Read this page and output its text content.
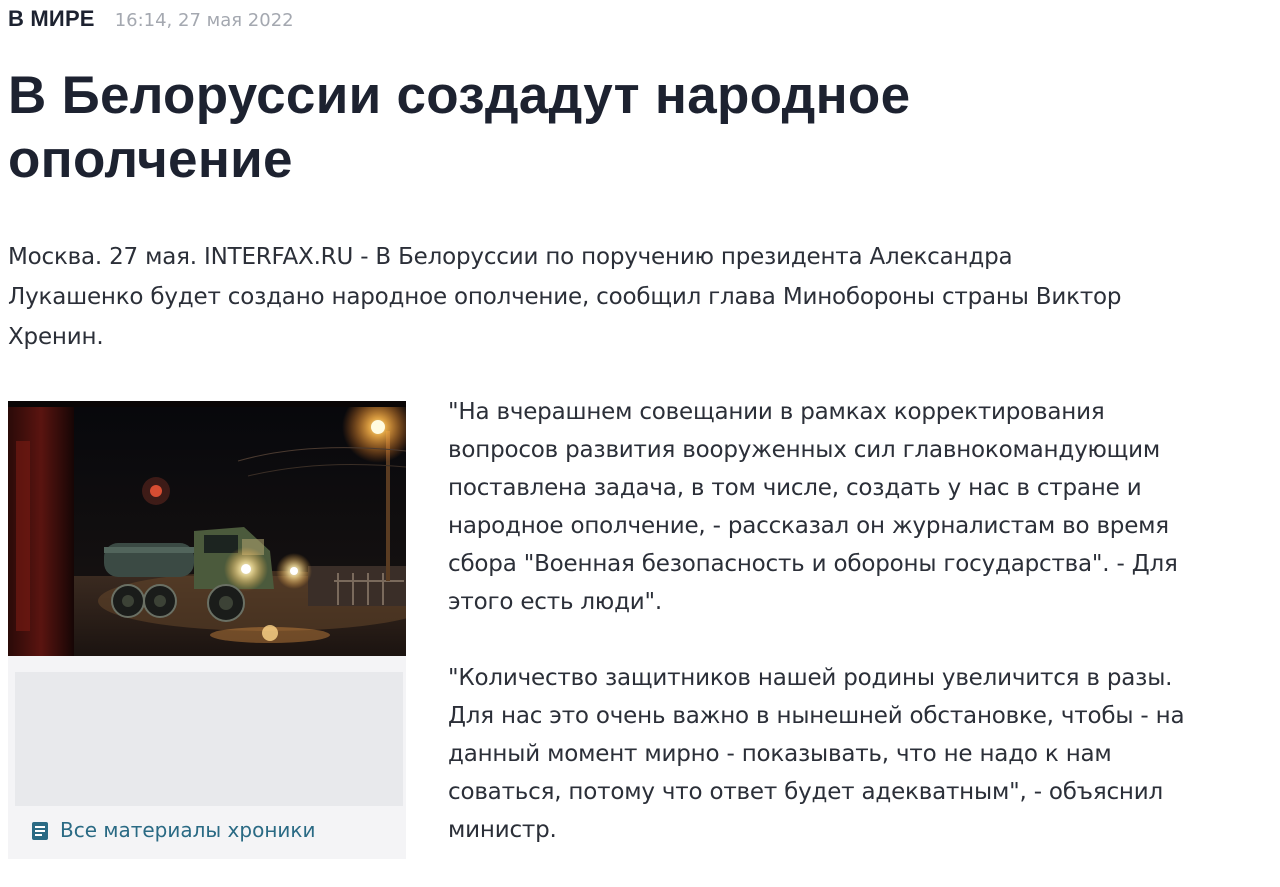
В МИРЕ 16:14, 27 мая 2022
В Белоруссии создадут народное
ополчение

Москва. 27 мая. INTERFAX.RU - В Белоруссии по поручению президента Александра
Лукашенко будет создано народное ополчение, сообщил глава Минобороны страны Виктор
Хренин.

Все материалы хроники

"На вчерашнем совещании в рамках корректирования
вопросов развития вооруженных сил главнокомандующим
поставлена задача, в том числе, создать у нас в стране и
народное ополчение, - рассказал он журналистам во время
сбора "Военная безопасность и обороны государства". - Для
этого есть люди".

"Количество защитников нашей родины увеличится в разы.
Для нас это очень важно в нынешней обстановке, чтобы - на
данный момент мирно - показывать, что не надо к нам
соваться, потому что ответ будет адекватным", - объяснил
министр.
